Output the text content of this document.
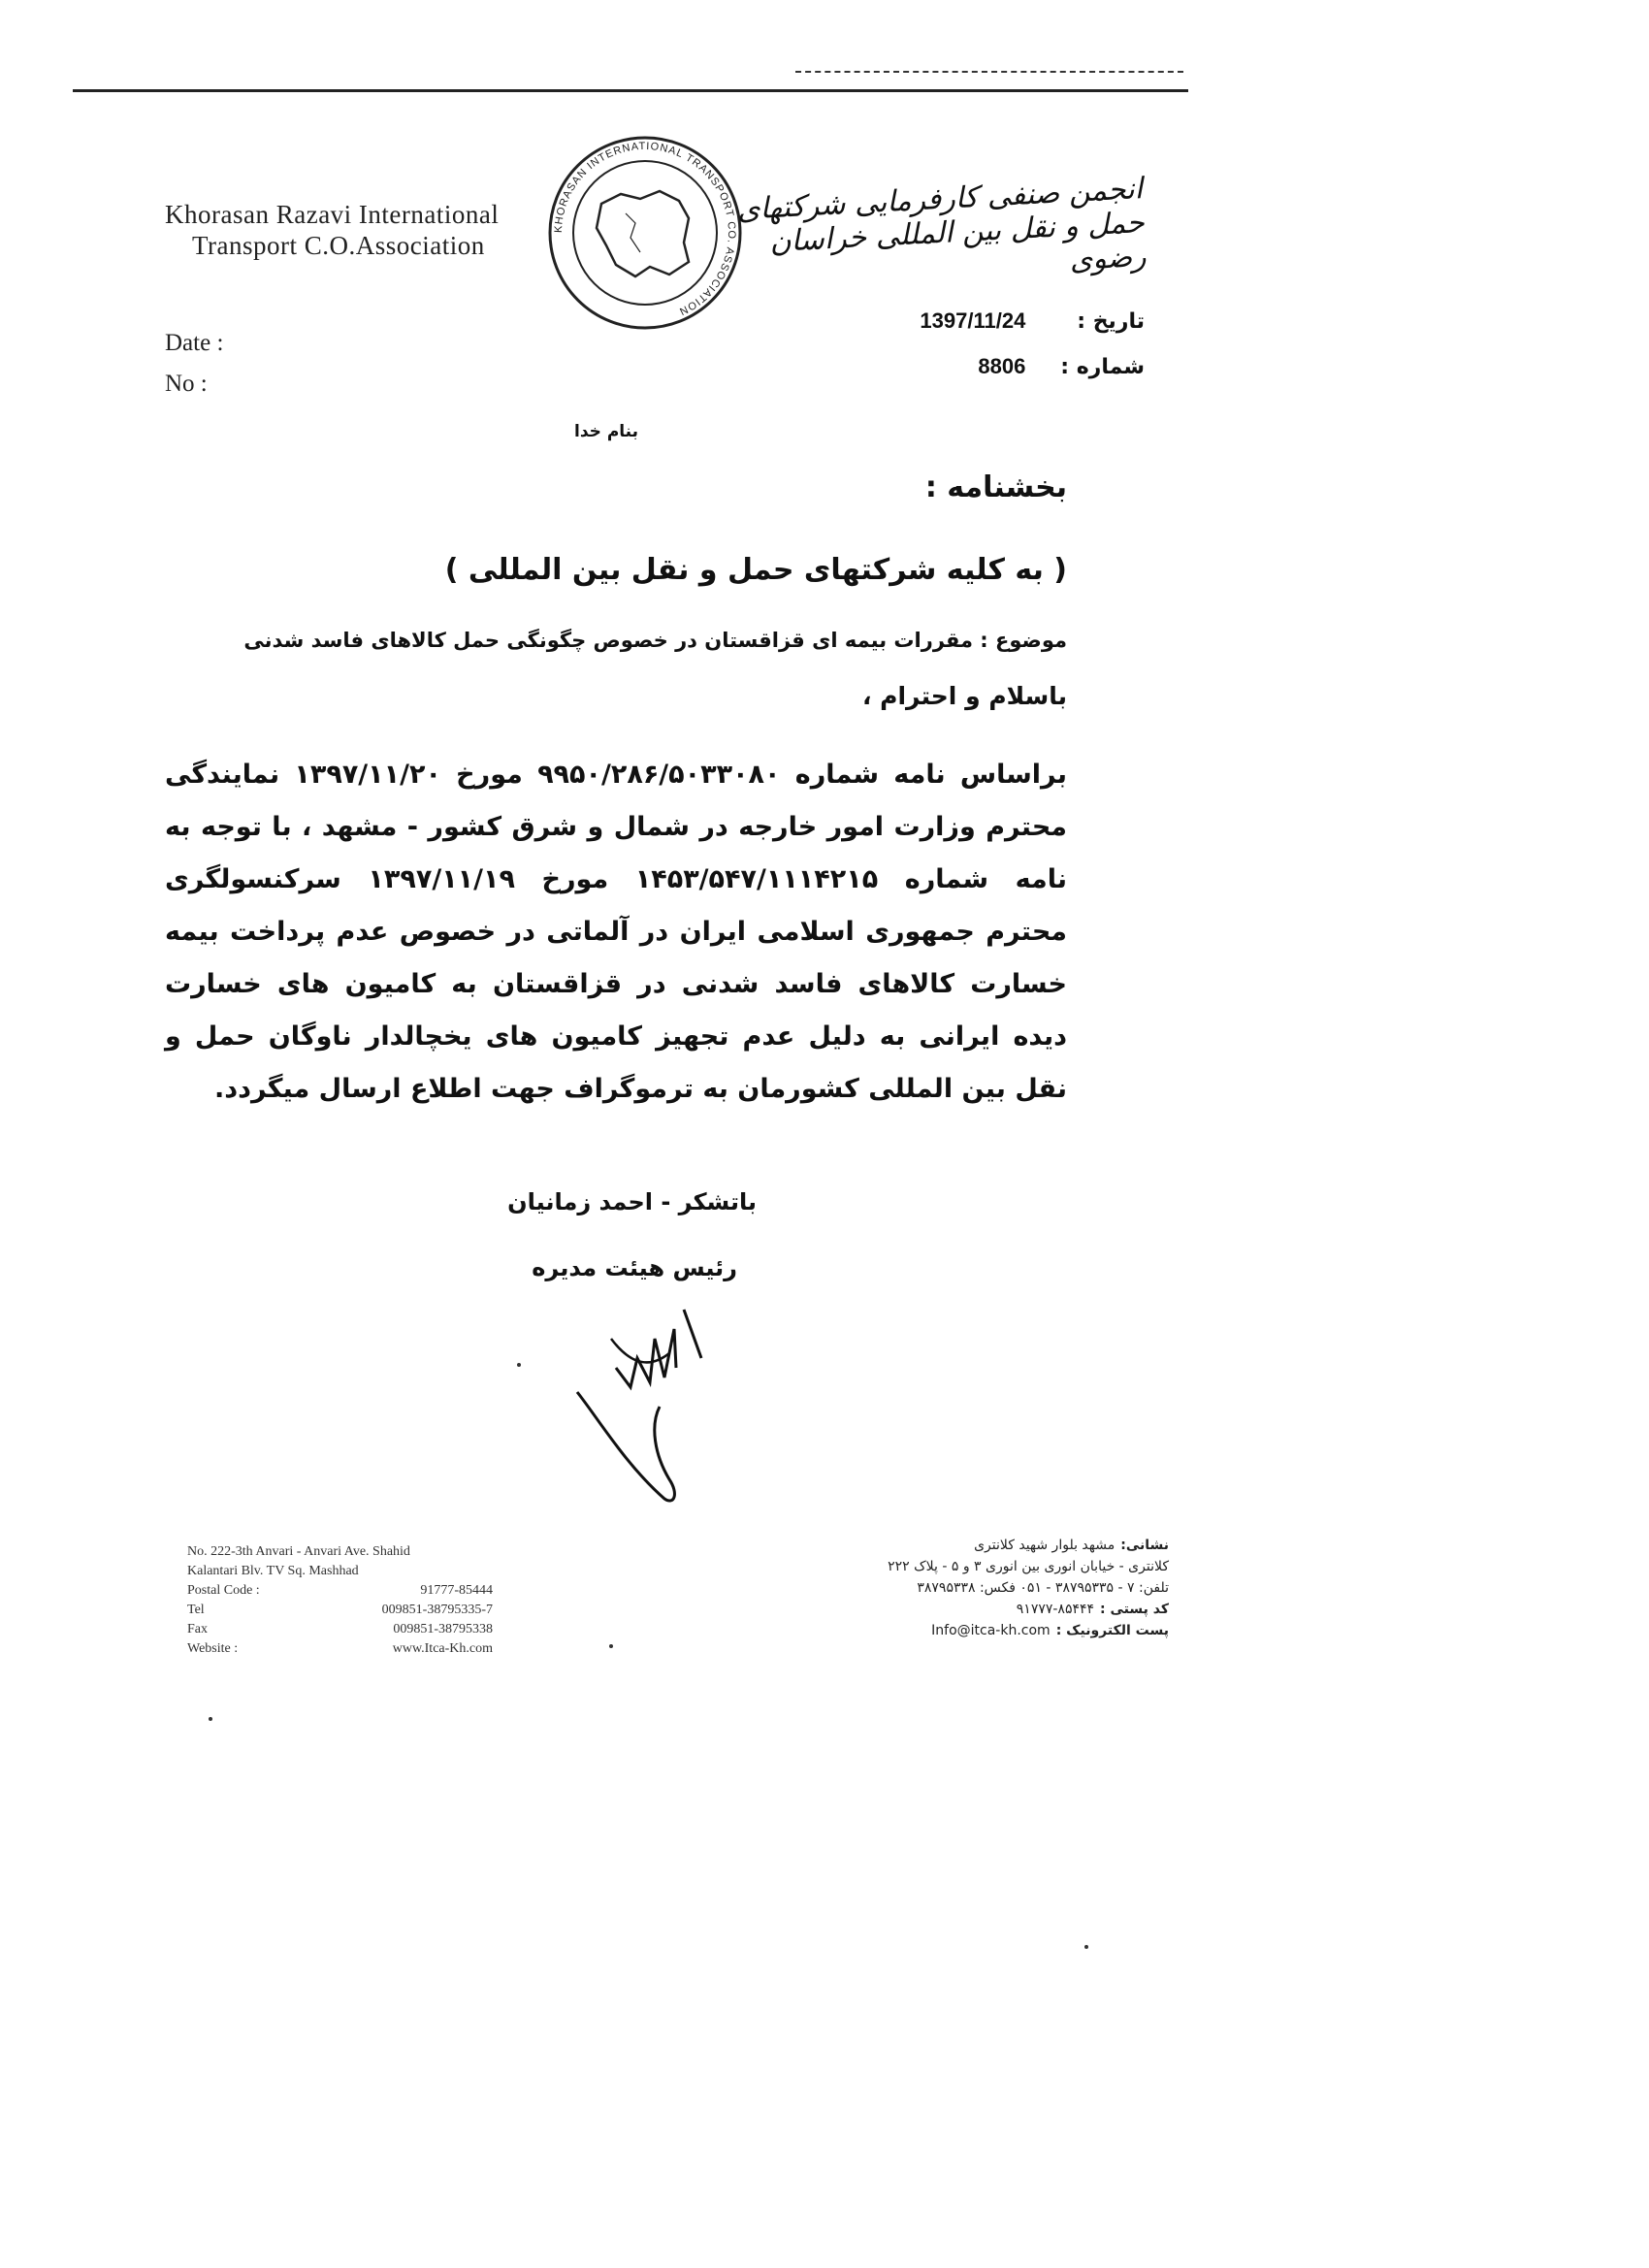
Khorasan Razavi International
Transport C.O.Association
KHORASAN INTERNATIONAL TRANSPORT CO. ASSOCIATION
انجمن صنفی کارفرمایی شرکتهای حمل و نقل بین المللی خراسان رضوی
Date :
No :
تاریخ : 1397/11/24
شماره : 8806
بنام خدا
بخشنامه :
( به کلیه شرکتهای حمل و نقل بین المللی )
موضوع : مقررات بیمه ای قزاقستان در خصوص چگونگی حمل کالاهای فاسد شدنی
باسلام و احترام ،
براساس نامه شماره ۹۹۵۰/۲۸۶/۵۰۳۳۰۸۰ مورخ ۱۳۹۷/۱۱/۲۰ نمایندگی محترم وزارت امور خارجه در شمال و شرق کشور - مشهد ، با توجه به نامه شماره ۱۴۵۳/۵۴۷/۱۱۱۴۲۱۵ مورخ ۱۳۹۷/۱۱/۱۹ سرکنسولگری محترم جمهوری اسلامی ایران در آلماتی در خصوص عدم پرداخت بیمه خسارت کالاهای فاسد شدنی در قزاقستان به کامیون های خسارت دیده ایرانی به دلیل عدم تجهیز کامیون های یخچالدار ناوگان حمل و نقل بین المللی کشورمان به ترموگراف جهت اطلاع ارسال میگردد.
باتشکر - احمد زمانیان
رئیس هیئت مدیره
No. 222-3th Anvari - Anvari Ave. Shahid
Kalantari Blv. TV Sq. Mashhad
Postal Code :	91777-85444
Tel	009851-38795335-7
Fax	009851-38795338
Website :	www.Itca-Kh.com
نشانی:
مشهد بلوار شهید کلانتری
کلانتری - خیابان انوری بین انوری ۳ و ۵ - پلاک ۲۲۲
تلفن: ۷ - ۳۸۷۹۵۳۳۵ - ۰۵۱ فکس: ۳۸۷۹۵۳۳۸
کد پستی :
۹۱۷۷۷-۸۵۴۴۴
پست الکترونیک :
Info@itca-kh.com
